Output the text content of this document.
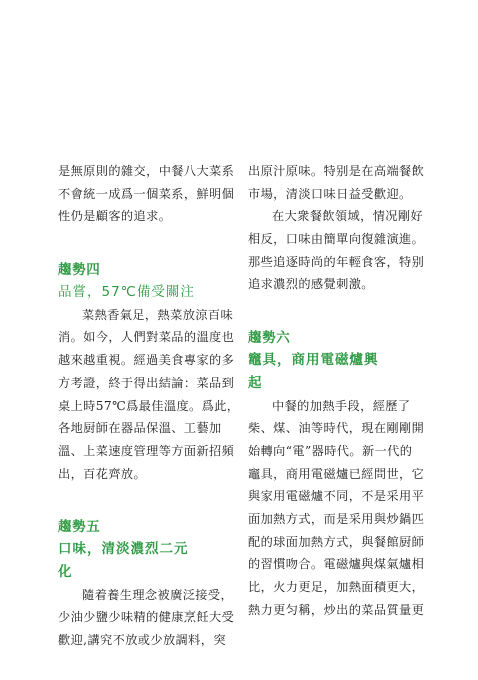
是無原則的雜交，中餐八大菜系
不會統一成爲一個菜系，鮮明個
性仍是顧客的追求。
趨勢四
品嘗，57℃備受關注
菜熱香氣足，熱菜放涼百味
消。如今，人們對菜品的溫度也
越來越重視。經過美食專家的多
方考證，終于得出結論：菜品到
桌上時57℃爲最佳溫度。爲此，
各地厨師在器品保溫、工藝加
溫、上菜速度管理等方面新招頻
出，百花齊放。
趨勢五
口味，清淡濃烈二元
化
隨着養生理念被廣泛接受，
少油少鹽少味精的健康烹飪大受
歡迎,講究不放或少放調料，突
出原汁原味。特别是在高端餐飲
市場，清淡口味日益受歡迎。
在大衆餐飲領域，情况剛好
相反，口味由簡單向復雜演進。
那些追逐時尚的年輕食客，特别
追求濃烈的感覺刺激。
趨勢六
竈具，商用電磁爐興
起
中餐的加熱手段，經歷了
柴、煤、油等時代，現在剛剛開
始轉向“電”器時代。新一代的
竈具，商用電磁爐已經問世，它
與家用電磁爐不同，不是采用平
面加熱方式，而是采用與炒鍋匹
配的球面加熱方式，與餐館厨師
的習慣吻合。電磁爐與煤氣爐相
比，火力更足，加熱面積更大，
熱力更匀稱，炒出的菜品質量更
